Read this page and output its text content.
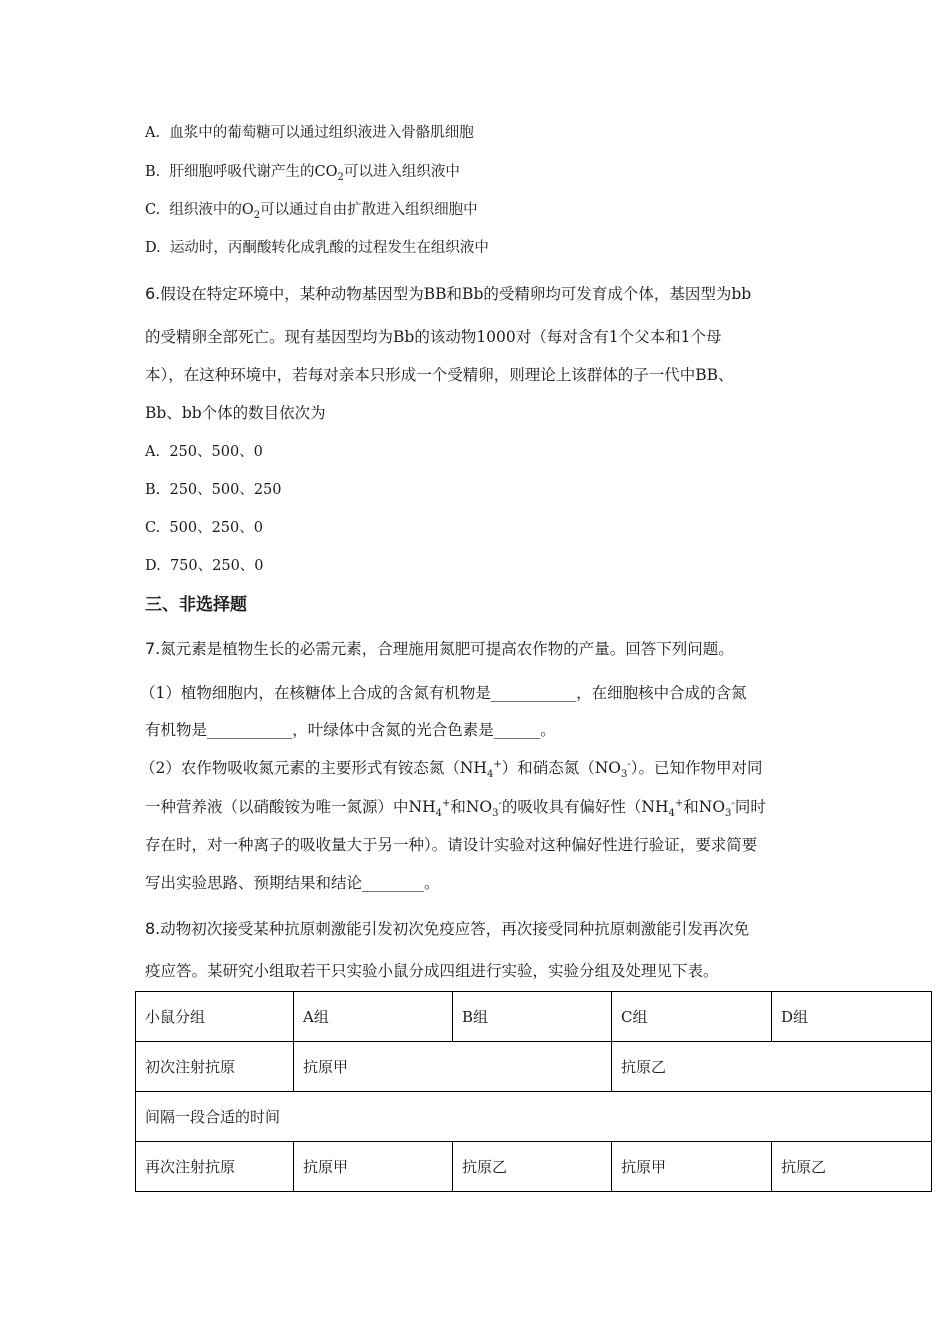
A. 血浆中的葡萄糖可以通过组织液进入骨骼肌细胞
B. 肝细胞呼吸代谢产生的$CO_2$可以进入组织液中
C. 组织液中的$O_2$可以通过自由扩散进入组织细胞中
D. 运动时，丙酮酸转化成乳酸的过程发生在组织液中
6.假设在特定环境中，某种动物基因型为BB和Bb的受精卵均可发育成个体，基因型为bb
的受精卵全部死亡。现有基因型均为Bb的该动物1000对（每对含有1个父本和1个母
本），在这种环境中，若每对亲本只形成一个受精卵，则理论上该群体的子一代中BB、
Bb、bb个体的数目依次为
A. 250、500、0
B. 250、500、250
C. 500、250、0
D. 750、250、0
三、非选择题
7.氮元素是植物生长的必需元素，合理施用氮肥可提高农作物的产量。回答下列问题。
（1）植物细胞内，在核糖体上合成的含氮有机物是___________，在细胞核中合成的含氮
有机物是___________，叶绿体中含氮的光合色素是______。
（2）农作物吸收氮元素的主要形式有铵态氮$(NH_4^+)$和硝态氮$(NO_3^-)$。已知作物甲对同
一种营养液（以硝酸铵为唯一氮源）中$NH_4^+$和$NO_3^-$的吸收具有偏好性（$NH_4^+$和$NO_3^-$同时
存在时，对一种离子的吸收量大于另一种）。请设计实验对这种偏好性进行验证，要求简要
写出实验思路、预期结果和结论________。
8.动物初次接受某种抗原刺激能引发初次免疫应答，再次接受同种抗原刺激能引发再次免
疫应答。某研究小组取若干只实验小鼠分成四组进行实验，实验分组及处理见下表。
小鼠分组	A组	B组	C组	D组
初次注射抗原	抗原甲		抗原乙	
间隔一段合适的时间				
再次注射抗原	抗原甲	抗原乙	抗原甲	抗原乙
